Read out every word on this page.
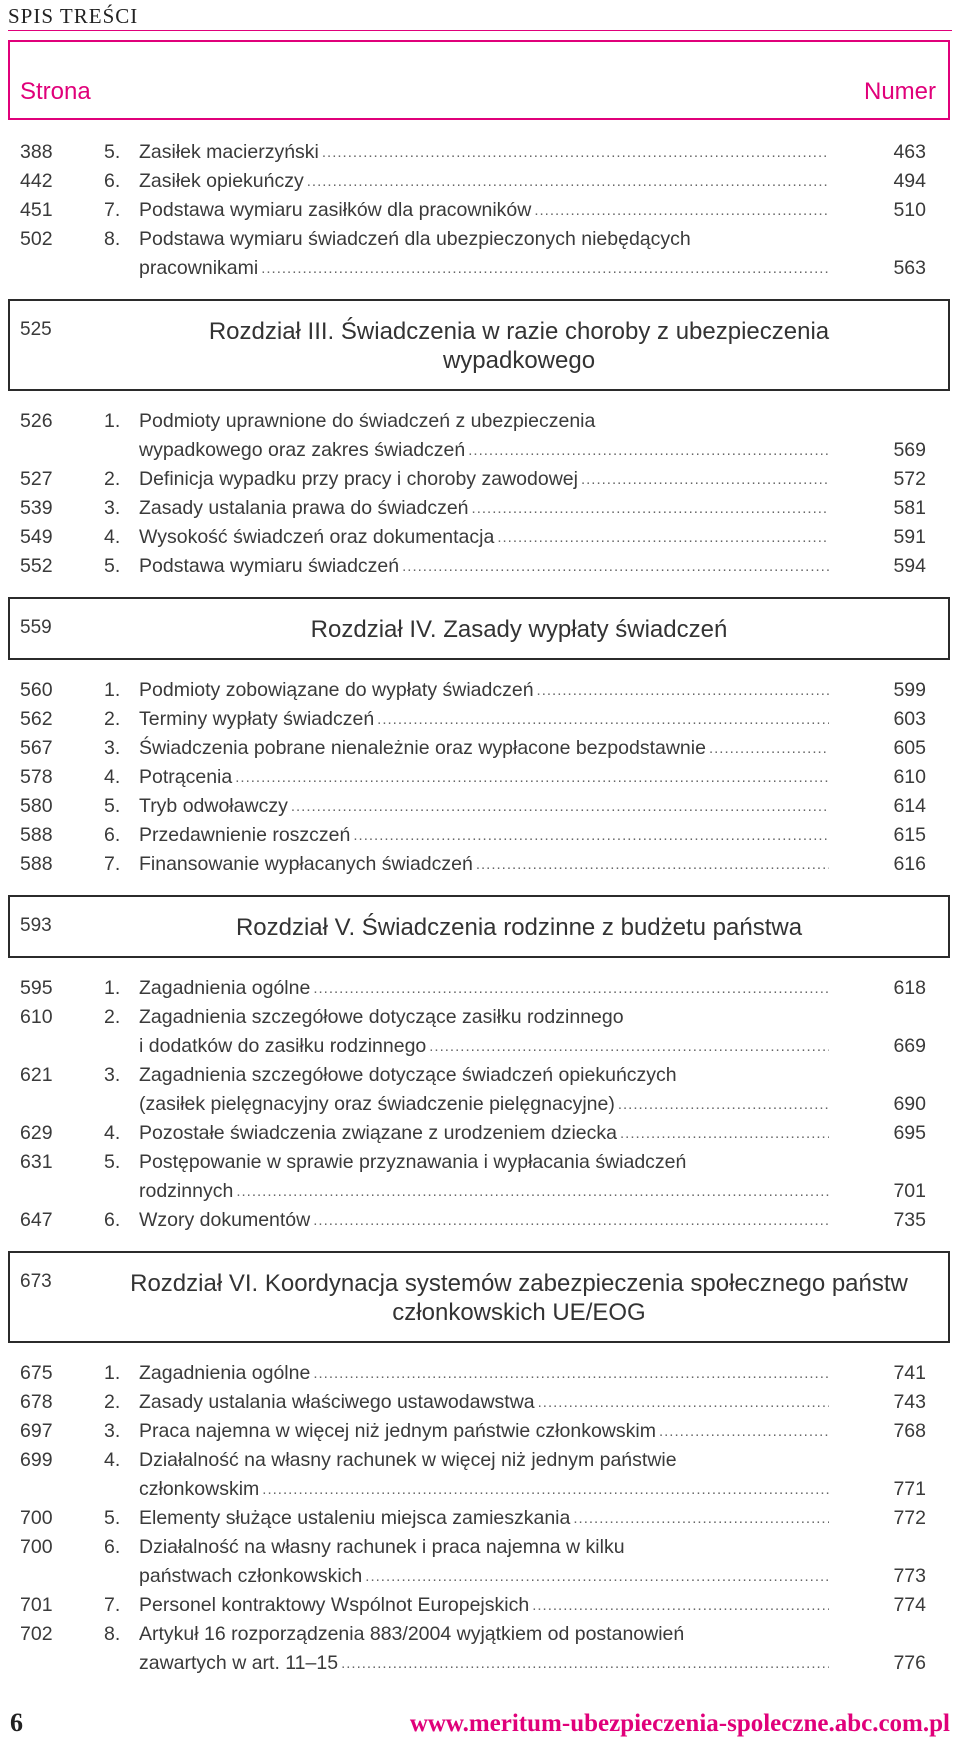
SPIS TREŚCI
Strona	Numer
388	5. Zasiłek macierzyński .....	463
442	6. Zasiłek opiekuńczy .....	494
451	7. Podstawa wymiaru zasiłków dla pracowników .....	510
502	8. Podstawa wymiaru świadczeń dla ubezpieczonych niebędących
pracownikami .....	563
525	Rozdział III. Świadczenia w razie choroby z ubezpieczenia wypadkowego
526	1. Podmioty uprawnione do świadczeń z ubezpieczenia
wypadkowego oraz zakres świadczeń .....	569
527	2. Definicja wypadku przy pracy i choroby zawodowej .....	572
539	3. Zasady ustalania prawa do świadczeń .....	581
549	4. Wysokość świadczeń oraz dokumentacja .....	591
552	5. Podstawa wymiaru świadczeń .....	594
559	Rozdział IV. Zasady wypłaty świadczeń
560	1. Podmioty zobowiązane do wypłaty świadczeń .....	599
562	2. Terminy wypłaty świadczeń .....	603
567	3. Świadczenia pobrane nienależnie oraz wypłacone bezpodstawnie .....	605
578	4. Potrącenia .....	610
580	5. Tryb odwoławczy .....	614
588	6. Przedawnienie roszczeń .....	615
588	7. Finansowanie wypłacanych świadczeń .....	616
593	Rozdział V. Świadczenia rodzinne z budżetu państwa
595	1. Zagadnienia ogólne .....	618
610	2. Zagadnienia szczegółowe dotyczące zasiłku rodzinnego
i dodatków do zasiłku rodzinnego .....	669
621	3. Zagadnienia szczegółowe dotyczące świadczeń opiekuńczych
(zasiłek pielęgnacyjny oraz świadczenie pielęgnacyjne) .....	690
629	4. Pozostałe świadczenia związane z urodzeniem dziecka .....	695
631	5. Postępowanie w sprawie przyznawania i wypłacania świadczeń
rodzinnych .....	701
647	6. Wzory dokumentów .....	735
673	Rozdział VI. Koordynacja systemów zabezpieczenia społecznego państw członkowskich UE/EOG
675	1. Zagadnienia ogólne .....	741
678	2. Zasady ustalania właściwego ustawodawstwa .....	743
697	3. Praca najemna w więcej niż jednym państwie członkowskim .....	768
699	4. Działalność na własny rachunek w więcej niż jednym państwie
członkowskim .....	771
700	5. Elementy służące ustaleniu miejsca zamieszkania .....	772
700	6. Działalność na własny rachunek i praca najemna w kilku
państwach członkowskich .....	773
701	7. Personel kontraktowy Wspólnot Europejskich .....	774
702	8. Artykuł 16 rozporządzenia 883/2004 wyjątkiem od postanowień
zawartych w art. 11–15 .....	776
6	www.meritum-ubezpieczenia-spoleczne.abc.com.pl
